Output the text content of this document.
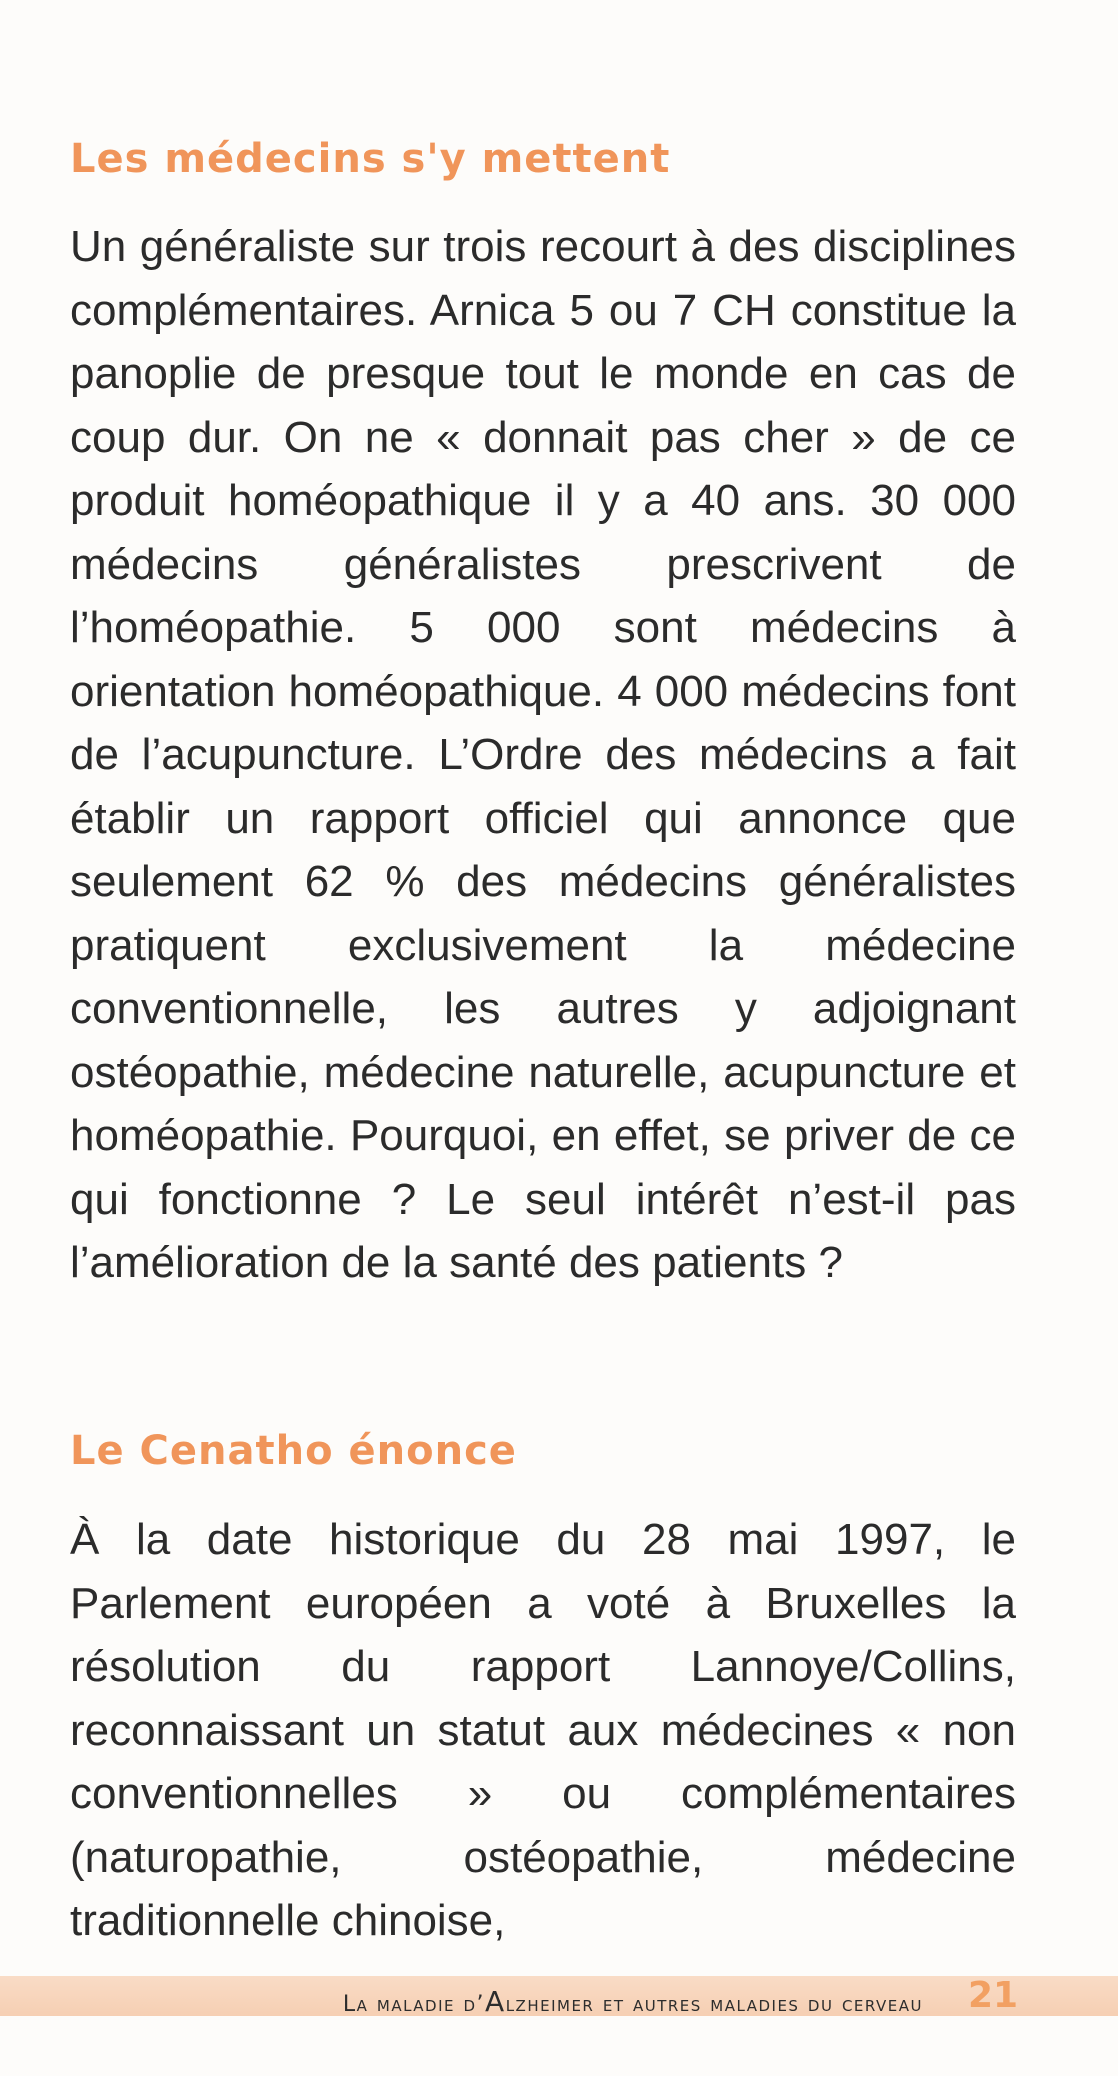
Les médecins s'y mettent

Un généraliste sur trois recourt à des disciplines complémentaires. Arnica 5 ou 7 CH constitue la panoplie de presque tout le monde en cas de coup dur. On ne « donnait pas cher » de ce produit homéopathique il y a 40 ans. 30 000 médecins généralistes prescrivent de l’homéopathie. 5 000 sont médecins à orientation homéopathique. 4 000 médecins font de l’acupuncture. L’Ordre des médecins a fait établir un rapport officiel qui annonce que seulement 62 % des médecins généralistes pratiquent exclusivement la médecine conventionnelle, les autres y adjoignant ostéopathie, médecine naturelle, acupuncture et homéopathie. Pourquoi, en effet, se priver de ce qui fonctionne ? Le seul intérêt n’est-il pas l’amélioration de la santé des patients ?

Le Cenatho énonce

À la date historique du 28 mai 1997, le Parlement européen a voté à Bruxelles la résolution du rapport Lannoye/Collins, reconnaissant un statut aux médecines « non conventionnelles » ou complémentaires (naturopathie, ostéopathie, médecine traditionnelle chinoise,

La maladie d’Alzheimer et autres maladies du cerveau 21
